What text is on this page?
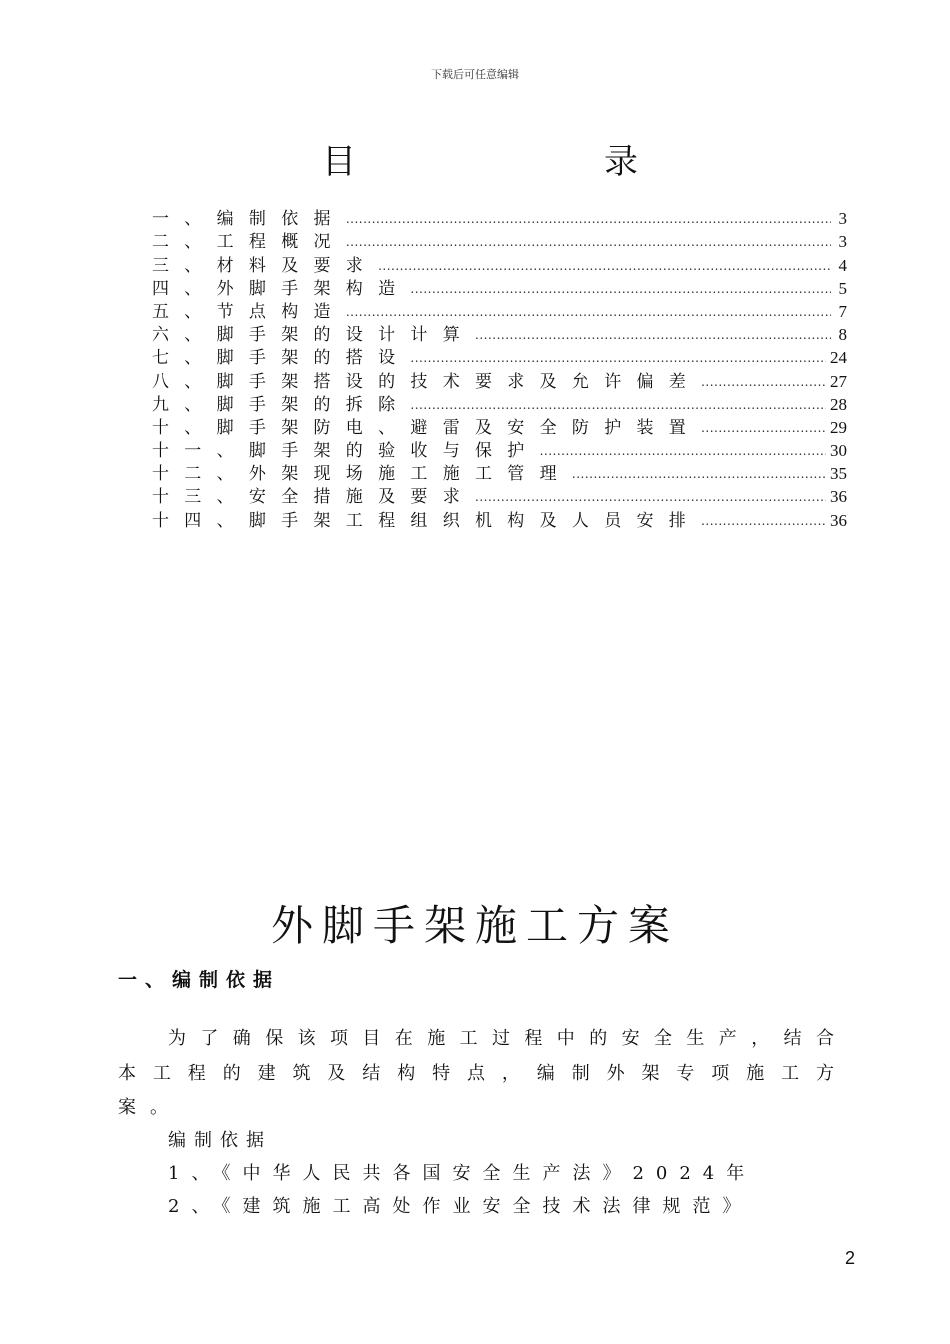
下载后可任意编辑
目	录
一、编制依据 .....	3
二、工程概况 .....	3
三、材料及要求 .....	4
四、外脚手架构造 .....	5
五、节点构造 .....	7
六、脚手架的设计计算 .....	8
七、脚手架的搭设 .....	24
八、脚手架搭设的技术要求及允许偏差 .....	27
九、脚手架的拆除 .....	28
十、脚手架防电、避雷及安全防护装置 .....	29
十一、脚手架的验收与保护 .....	30
十二、外架现场施工施工管理 .....	35
十三、安全措施及要求 .....	36
十四、脚手架工程组织机构及人员安排 .....	36
外脚手架施工方案
一、编制依据
为了确保该项目在施工过程中的安全生产，结合本工程的建筑及结构特点，编制外架专项施工方案。
编制依据
1、《中华人民共各国安全生产法》2024年
2、《建筑施工高处作业安全技术法律规范》
2
